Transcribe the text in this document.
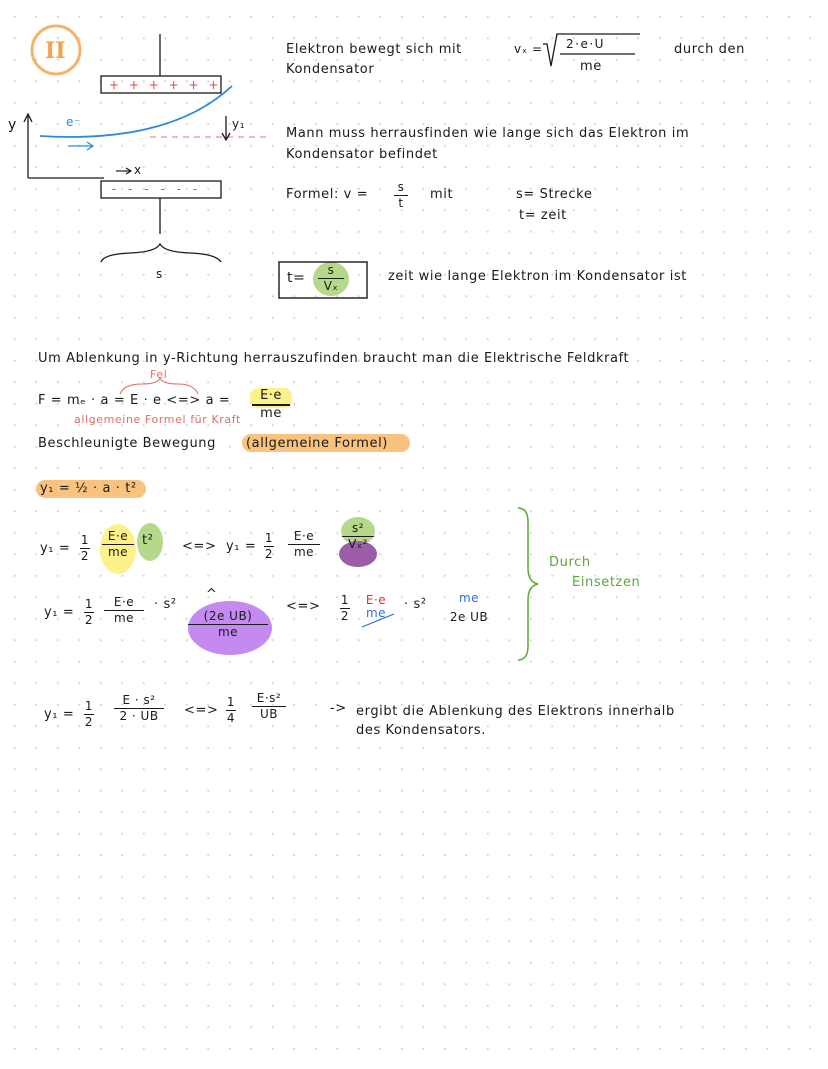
II
+ + + + + +
- - - - - -
y	e⁻
x
y₁
s
Elektron bewegt sich mit	vₓ = 2·e·U
me
durch den
Kondensator
Mann muss herrausfinden wie lange sich das Elektron im
Kondensator befindet
Formel: v = s
t
mit	s= Strecke
t= zeit
t= s
Vₓ
zeit wie lange Elektron im Kondensator ist
Um Ablenkung in y-Richtung herrauszufinden braucht man die Elektrische Feldkraft
Fel
F = mₑ · a = E · e <=> a = E·e
me
allgemeine Formel für Kraft
Beschleunigte Bewegung (allgemeine Formel)
y₁ = ½ · a · t²
y₁ =
1
2
E·e
me
t² <=> y₁ =
1
2
E·e
me
s²
Vₓ²
y₁ =
1
2
E·e
me
· s²
^
(2e UB)
me
<=> 1
2
E·e
me
· s²	me
2e UB
Durch
Einsetzen
y₁ =
1
2
E · s²
2 · UB <=>
1
4
E·s²
UB	-> ergibt die Ablenkung des Elektrons innerhalb
des Kondensators.
